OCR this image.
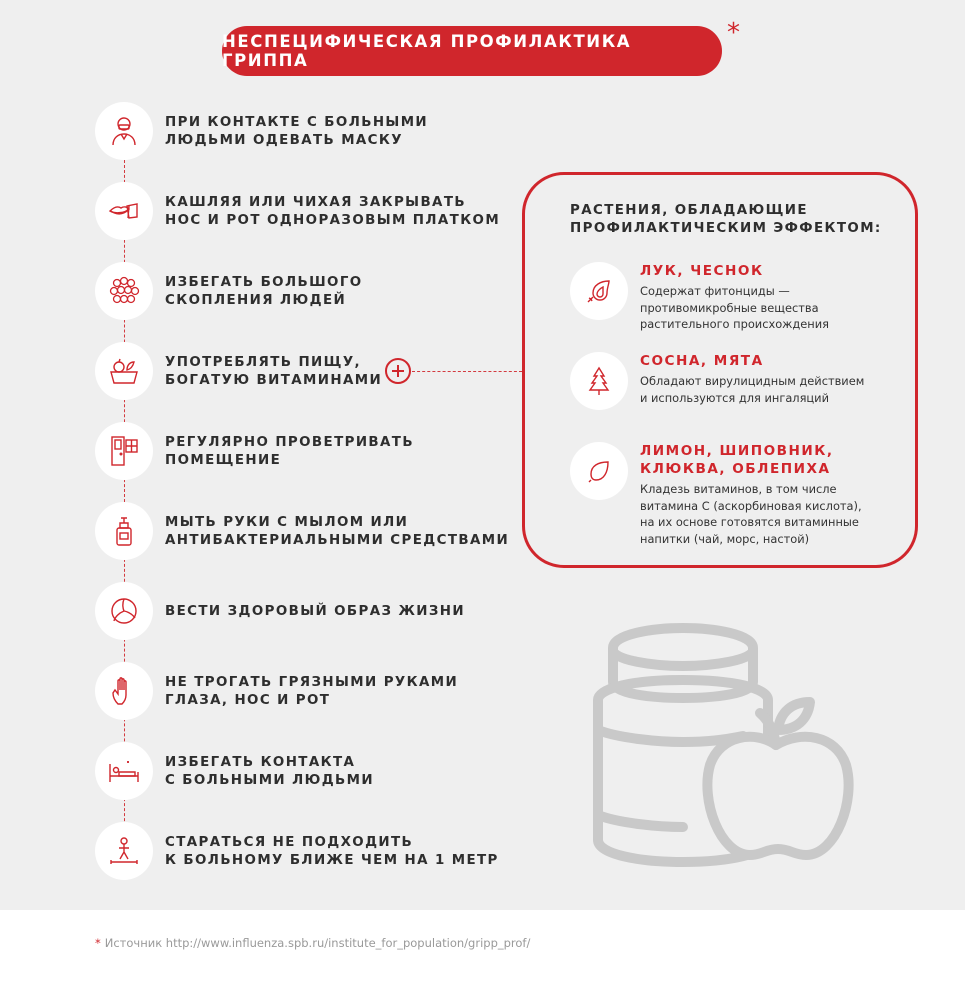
НЕСПЕЦИФИЧЕСКАЯ ПРОФИЛАКТИКА ГРИППА
*
ПРИ КОНТАКТЕ С БОЛЬНЫМИ
ЛЮДЬМИ ОДЕВАТЬ МАСКУ
КАШЛЯЯ ИЛИ ЧИХАЯ ЗАКРЫВАТЬ
НОС И РОТ ОДНОРАЗОВЫМ ПЛАТКОМ
ИЗБЕГАТЬ БОЛЬШОГО
СКОПЛЕНИЯ ЛЮДЕЙ
УПОТРЕБЛЯТЬ ПИЩУ,
БОГАТУЮ ВИТАМИНАМИ
РЕГУЛЯРНО ПРОВЕТРИВАТЬ
ПОМЕЩЕНИЕ
МЫТЬ РУКИ С МЫЛОМ ИЛИ
АНТИБАКТЕРИАЛЬНЫМИ СРЕДСТВАМИ
ВЕСТИ ЗДОРОВЫЙ ОБРАЗ ЖИЗНИ
НЕ ТРОГАТЬ ГРЯЗНЫМИ РУКАМИ
ГЛАЗА, НОС И РОТ
ИЗБЕГАТЬ КОНТАКТА
С БОЛЬНЫМИ ЛЮДЬМИ
СТАРАТЬСЯ НЕ ПОДХОДИТЬ
К БОЛЬНОМУ БЛИЖЕ ЧЕМ НА 1 МЕТР
РАСТЕНИЯ, ОБЛАДАЮЩИЕ
ПРОФИЛАКТИЧЕСКИМ ЭФФЕКТОМ:
ЛУК, ЧЕСНОК
Содержат фитонциды —
противомикробные вещества
растительного происхождения
СОСНА, МЯТА
Обладают вирулицидным действием
и используются для ингаляций
ЛИМОН, ШИПОВНИК,
КЛЮКВА, ОБЛЕПИХА
Кладезь витаминов, в том числе
витамина С (аскорбиновая кислота),
на их основе готовятся витаминные
напитки (чай, морс, настой)
* Источник http://www.influenza.spb.ru/institute_for_population/gripp_prof/
